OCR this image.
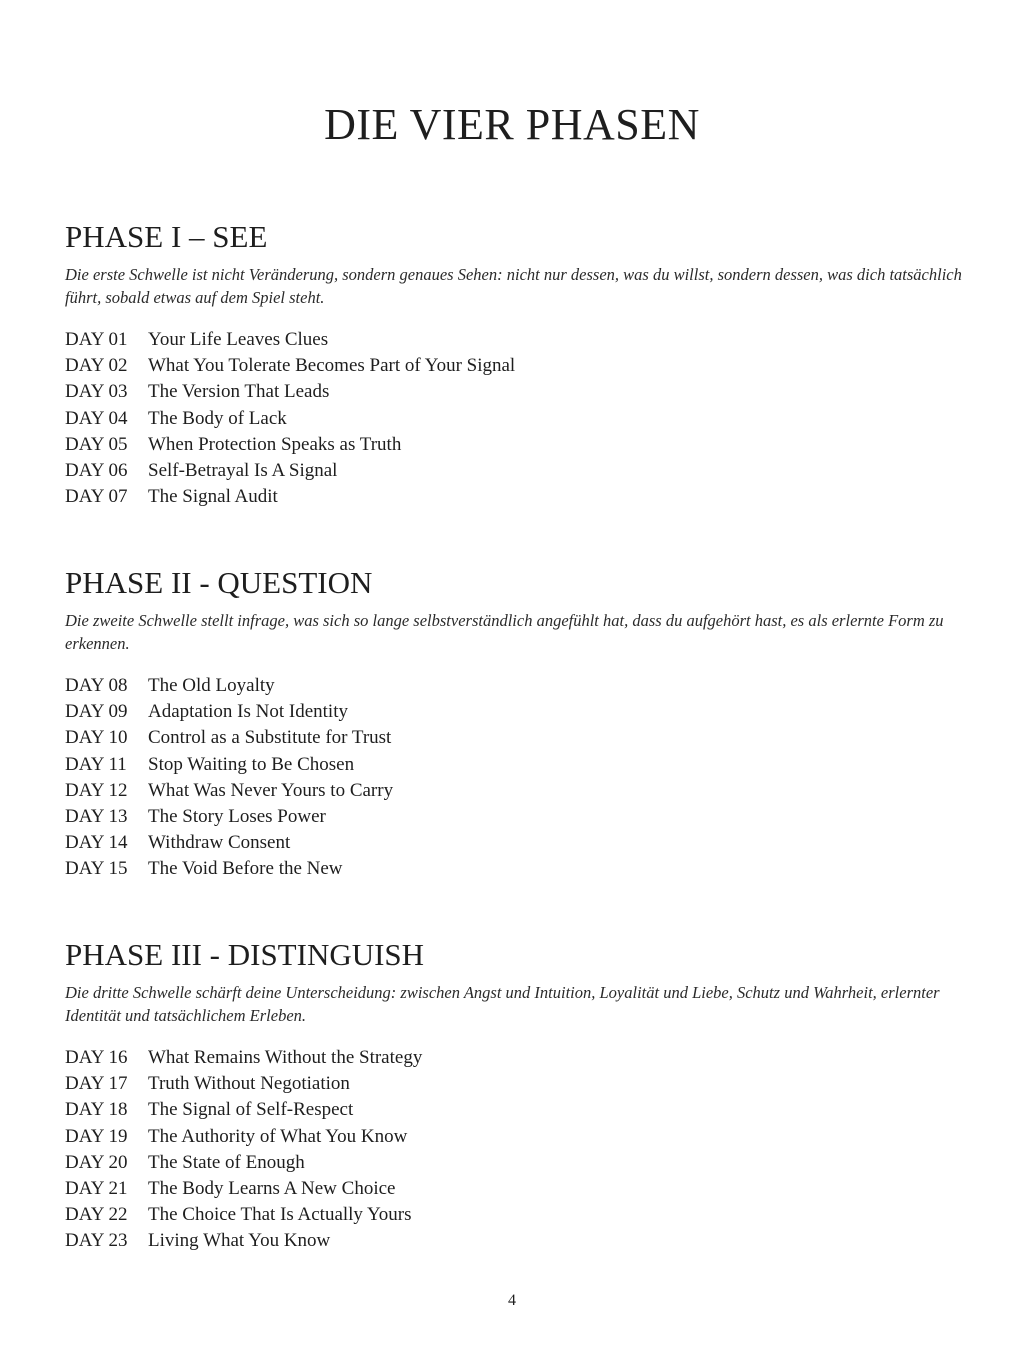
DIE VIER PHASEN
PHASE I – SEE

Die erste Schwelle ist nicht Veränderung, sondern genaues Sehen: nicht nur dessen, was du willst, sondern dessen, was dich tatsächlich führt, sobald etwas auf dem Spiel steht.

DAY 01	Your Life Leaves Clues
DAY 02	What You Tolerate Becomes Part of Your Signal
DAY 03	The Version That Leads
DAY 04	The Body of Lack
DAY 05	When Protection Speaks as Truth
DAY 06	Self-Betrayal Is A Signal
DAY 07	The Signal Audit
PHASE II - QUESTION

Die zweite Schwelle stellt infrage, was sich so lange selbstverständlich angefühlt hat, dass du aufgehört hast, es als erlernte Form zu erkennen.

DAY 08	The Old Loyalty
DAY 09	Adaptation Is Not Identity
DAY 10	Control as a Substitute for Trust
DAY 11	Stop Waiting to Be Chosen
DAY 12	What Was Never Yours to Carry
DAY 13	The Story Loses Power
DAY 14	Withdraw Consent
DAY 15	The Void Before the New
PHASE III - DISTINGUISH

Die dritte Schwelle schärft deine Unterscheidung: zwischen Angst und Intuition, Loyalität und Liebe, Schutz und Wahrheit, erlernter Identität und tatsächlichem Erleben.

DAY 16	What Remains Without the Strategy
DAY 17	Truth Without Negotiation
DAY 18	The Signal of Self-Respect
DAY 19	The Authority of What You Know
DAY 20	The State of Enough
DAY 21	The Body Learns A New Choice
DAY 22	The Choice That Is Actually Yours
DAY 23	Living What You Know
4
